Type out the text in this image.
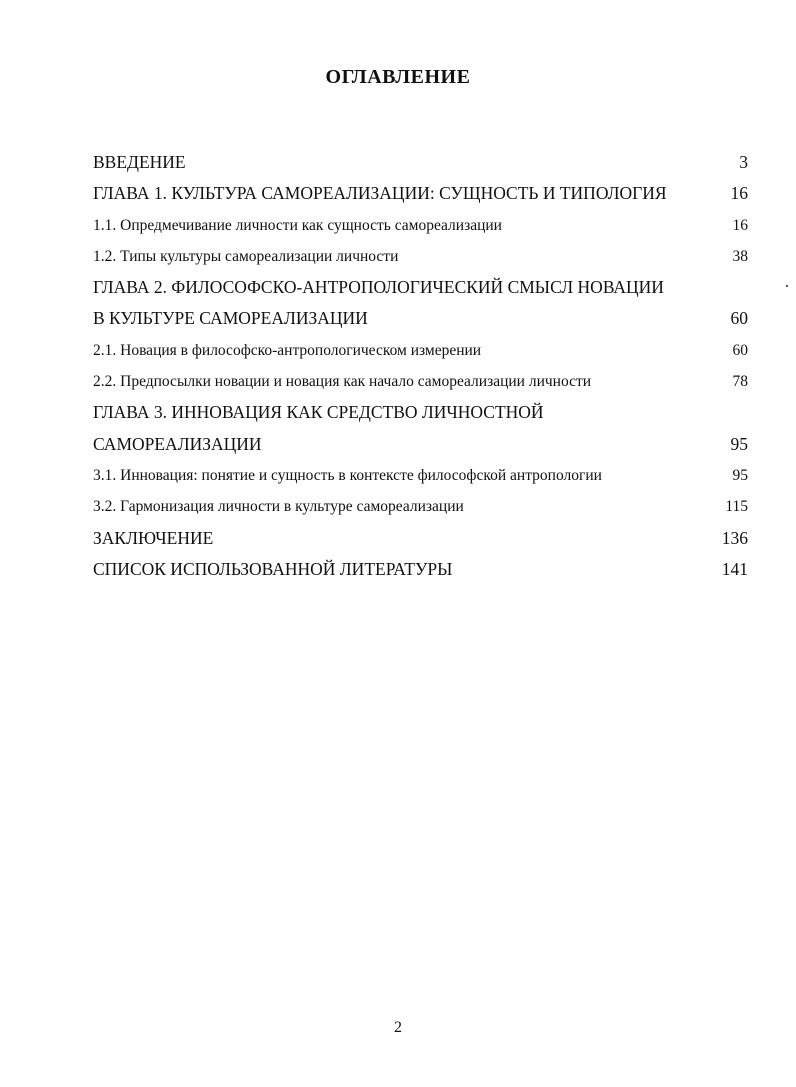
ОГЛАВЛЕНИЕ
ВВЕДЕНИЕ	3
ГЛАВА 1. КУЛЬТУРА САМОРЕАЛИЗАЦИИ: СУЩНОСТЬ И ТИПОЛОГИЯ	16
1.1. Опредмечивание личности как сущность самореализации	16
1.2. Типы культуры самореализации личности	38
ГЛАВА 2. ФИЛОСОФСКО-АНТРОПОЛОГИЧЕСКИЙ СМЫСЛ НОВАЦИИ
В КУЛЬТУРЕ САМОРЕАЛИЗАЦИИ	60
2.1. Новация в философско-антропологическом измерении	60
2.2. Предпосылки новации и новация как начало самореализации личности	78
ГЛАВА 3. ИННОВАЦИЯ КАК СРЕДСТВО ЛИЧНОСТНОЙ
САМОРЕАЛИЗАЦИИ	95
3.1. Инновация: понятие и сущность в контексте философской антропологии	95
3.2. Гармонизация личности в культуре самореализации	115
ЗАКЛЮЧЕНИЕ	136
СПИСОК ИСПОЛЬЗОВАННОЙ ЛИТЕРАТУРЫ	141
2
